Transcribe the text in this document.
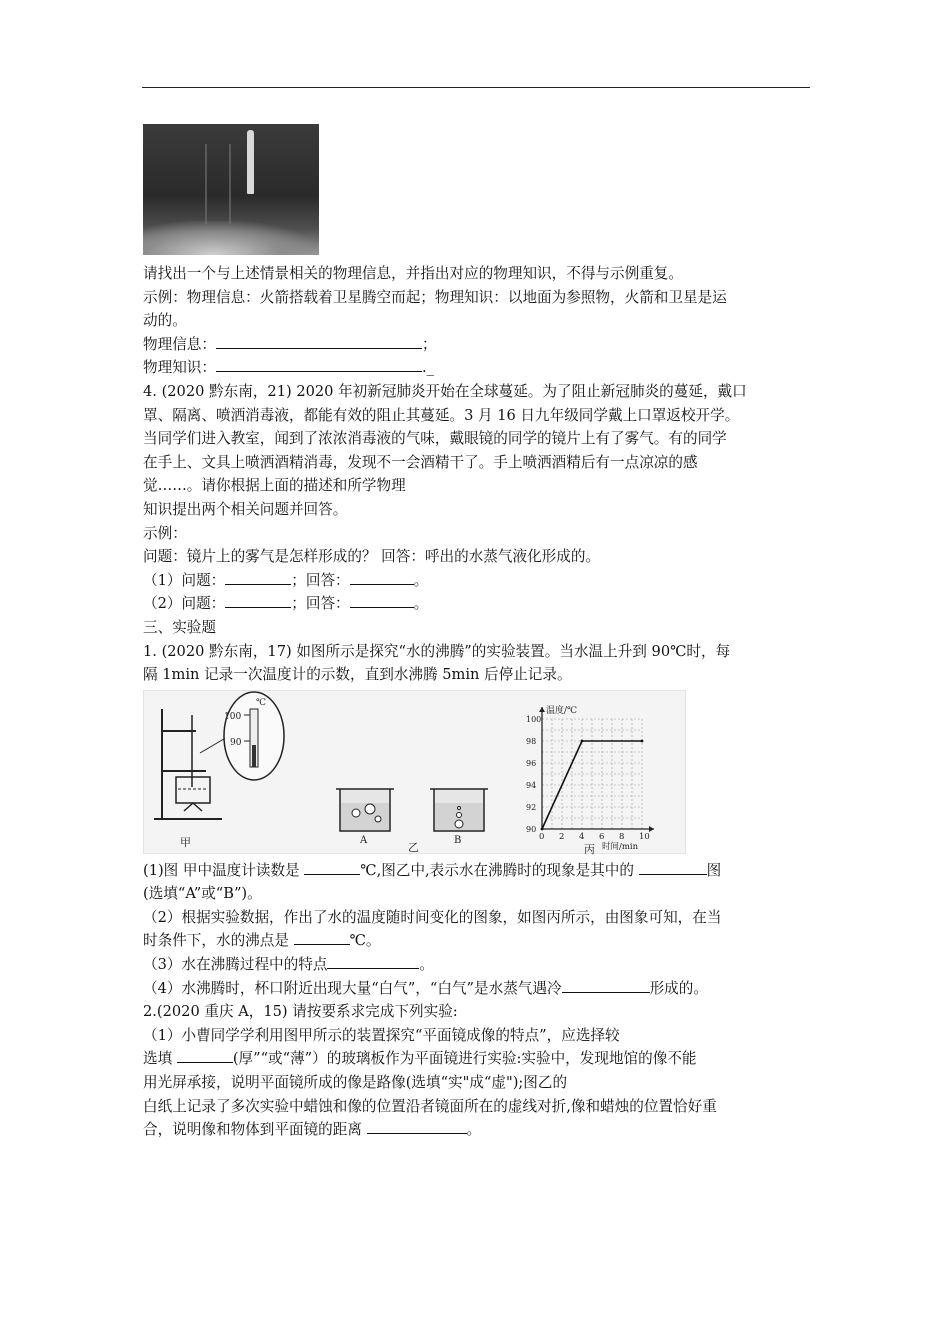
请找出一个与上述情景相关的物理信息，并指出对应的物理知识，不得与示例重复。
示例：物理信息：火箭搭载着卫星腾空而起；物理知识：以地面为参照物，火箭和卫星是运
动的。
物理信息：	；
物理知识：	._
4. (2020 黔东南，21) 2020 年初新冠肺炎开始在全球蔓延。为了阻止新冠肺炎的蔓延，戴口
罩、隔离、喷洒消毒液，都能有效的阻止其蔓延。3 月 16 日九年级同学戴上口罩返校开学。
当同学们进入教室，闻到了浓浓消毒液的气味，戴眼镜的同学的镜片上有了雾气。有的同学
在手上、文具上喷洒酒精消毒，发现不一会酒精干了。手上喷洒酒精后有一点凉凉的感
觉……。请你根据上面的描述和所学物理
知识提出两个相关问题并回答。
示例：
问题：镜片上的雾气是怎样形成的？ 回答：呼出的水蒸气液化形成的。
（1）问题：	；回答：	。
（2）问题：	；回答：	。
三、实验题
1. (2020 黔东南，17) 如图所示是探究“水的沸腾”的实验装置。当水温上升到 90℃时，每
隔 1min 记录一次温度计的示数，直到水沸腾 5min 后停止记录。
℃
100
90
甲	A	B
乙
0 2 4 6 8 10
90
92
94
96
98
100
温度/℃
时间/min
丙
(1)图 甲中温度计读数是	℃,图乙中,表示水在沸腾时的现象是其中的	图
(选填“A”或“B”)。
（2）根据实验数据，作出了水的温度随时间变化的图象，如图丙所示，由图象可知，在当
时条件下，水的沸点是	℃。
（3）水在沸腾过程中的特点	。
（4）水沸腾时，杯口附近出现大量“白气”，“白气”是水蒸气遇冷	形成的。
2.(2020 重庆 A，15) 请按要系求完成下列实验:
（1）小曹同学学利用图甲所示的装置探究“平面镜成像的特点”，应选择较
选填	(厚”“或“薄”）的玻璃板作为平面镜进行实验:实验中，发现地馆的像不能
用光屏承接，说明平面镜所成的像是路像(选填“实"成“虚");图乙的
白纸上记录了多次实验中蜡蚀和像的位置沿者镜面所在的虚线对折,像和蜡烛的位置恰好重
合，说明像和物体到平面镜的距离	。
